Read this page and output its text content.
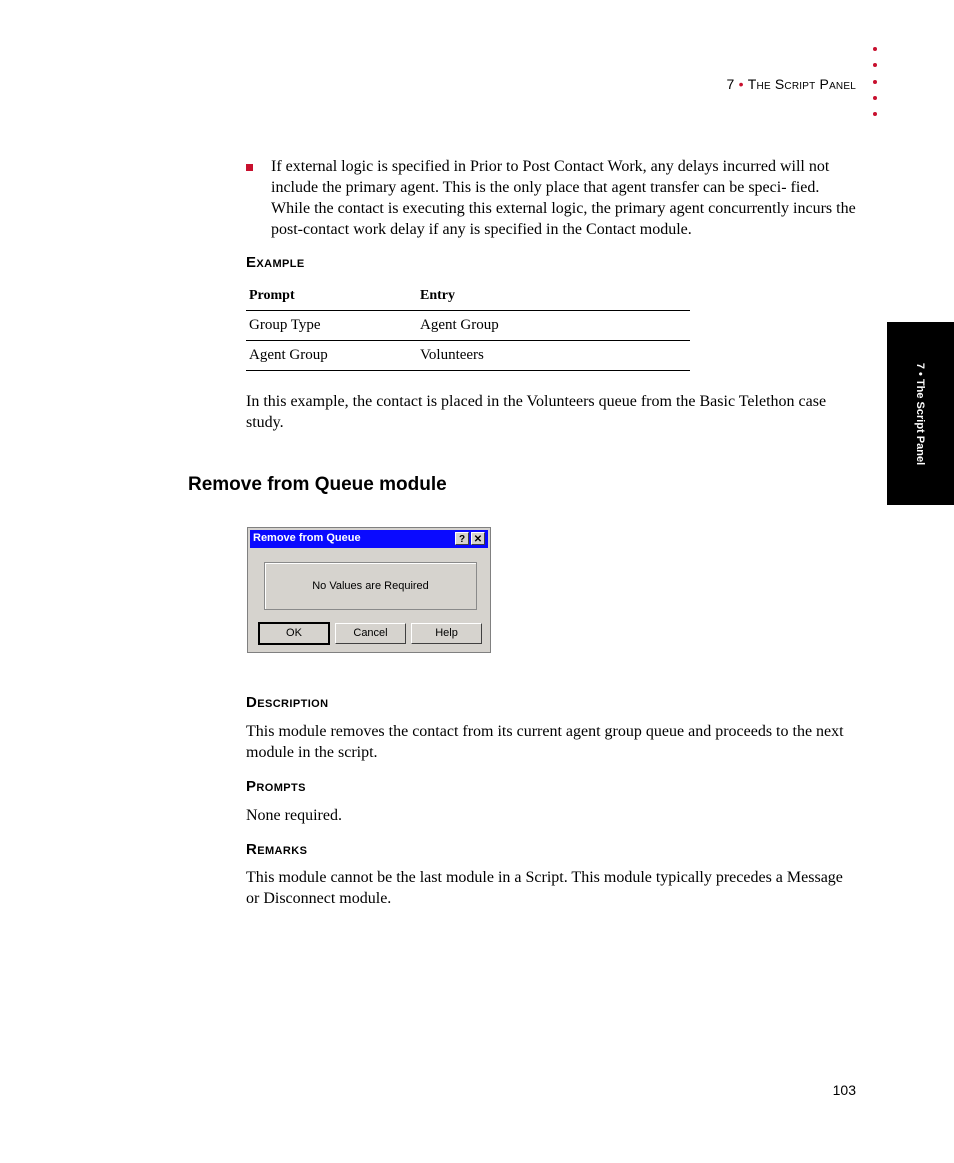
7 • The Script Panel
7 • The Script Panel

If external logic is specified in Prior to Post Contact Work, any delays incurred will not include the primary agent. This is the only place that agent transfer can be speci- fied. While the contact is executing this external logic, the primary agent concurrently incurs the post-contact work delay if any is specified in the Contact module.

Example
Prompt	Entry
Group Type	Agent Group
Agent Group	Volunteers

In this example, the contact is placed in the Volunteers queue from the Basic Telethon case study.

Remove from Queue module
Remove from Queue	? ✕
No Values are Required
OK	Cancel	Help
Description

This module removes the contact from its current agent group queue and proceeds to the next module in the script.

Prompts

None required.

Remarks

This module cannot be the last module in a Script. This module typically precedes a Message or Disconnect module.

103
